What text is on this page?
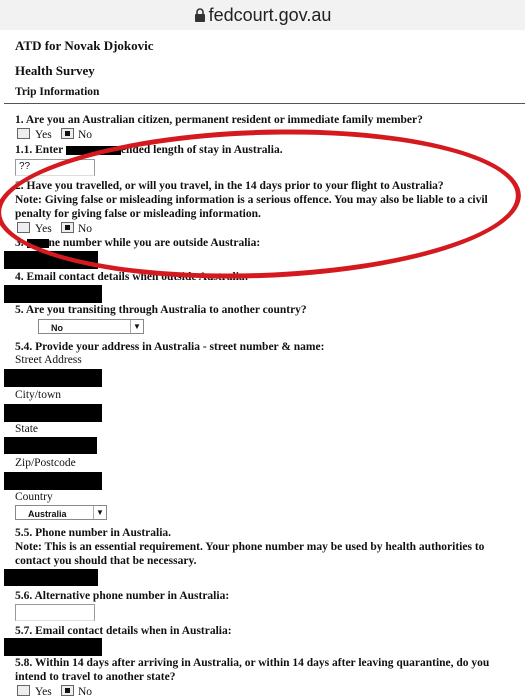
fedcourt.gov.au
ATD for Novak Djokovic
Health Survey
Trip Information
1. Are you an Australian citizen, permanent resident or immediate family member?
Yes No
1.1. Enter	ended length of stay in Australia.
??
2. Have you travelled, or will you travel, in the 14 days prior to your flight to Australia?
Note: Giving false or misleading information is a serious offence. You may also be liable to a civil
penalty for giving false or misleading information.
Yes No
3. ne number while you are outside Australia:
4. Email contact details when outside Australia:
5. Are you transiting through Australia to another country?
No	▼
5.4. Provide your address in Australia - street number & name:
Street Address
City/town
State
Zip/Postcode
Country
Australia	▼
5.5. Phone number in Australia.
Note: This is an essential requirement. Your phone number may be used by health authorities to
contact you should that be necessary.
5.6. Alternative phone number in Australia:
5.7. Email contact details when in Australia:
5.8. Within 14 days after arriving in Australia, or within 14 days after leaving quarantine, do you
intend to travel to another state?
Yes No
